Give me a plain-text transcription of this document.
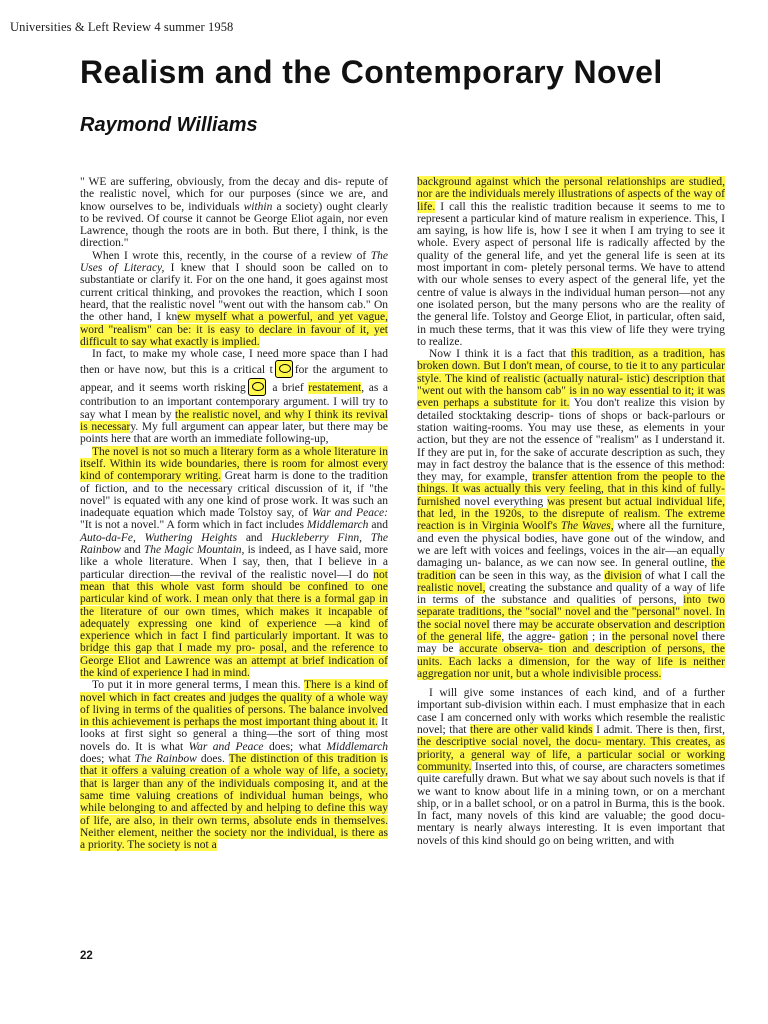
Universities & Left Review 4 summer 1958
Realism and the Contemporary Novel
Raymond Williams

" WE are suffering, obviously, from the decay and dis- repute of the realistic novel, which for our purposes (since we are, and know ourselves to be, individuals within a society) ought clearly to be revived. Of course it cannot be George Eliot again, nor even Lawrence, though the roots are in both. But there, I think, is the direction."

When I wrote this, recently, in the course of a review of The Uses of Literacy, I knew that I should soon be called on to substantiate or clarify it. For on the one hand, it goes against most current critical thinking, and provokes the reaction, which I soon heard, that the realistic novel "went out with the hansom cab." On the other hand, I knew myself what a powerful, and yet vague, word "realism" can be: it is easy to declare in favour of it, yet difficult to say what exactly is implied.

In fact, to make my whole case, I need more space than I had then or have now, but this is a critical t for the argument to appear, and it seems worth risking a brief restatement, as a contribution to an important contemporary argument. I will try to say what I mean by the realistic novel, and why I think its revival is necessary. My full argument can appear later, but there may be points here that are worth an immediate following-up,

The novel is not so much a literary form as a whole literature in itself. Within its wide boundaries, there is room for almost every kind of contemporary writing. Great harm is done to the tradition of fiction, and to the necessary critical discussion of it, if "the novel" is equated with any one kind of prose work. It was such an inadequate equation which made Tolstoy say, of War and Peace: "It is not a novel." A form which in fact includes Middlemarch and Auto-da-Fe, Wuthering Heights and Huckleberry Finn, The Rainbow and The Magic Mountain, is indeed, as I have said, more like a whole literature. When I say, then, that I believe in a particular direction—the revival of the realistic novel—I do not mean that this whole vast form should be confined to one particular kind of work. I mean only that there is a formal gap in the literature of our own times, which makes it incapable of adequately expressing one kind of experience —a kind of experience which in fact I find particularly important. It was to bridge this gap that I made my pro- posal, and the reference to George Eliot and Lawrence was an attempt at brief indication of the kind of experience I had in mind.

To put it in more general terms, I mean this. There is a kind of novel which in fact creates and judges the quality of a whole way of living in terms of the qualities of persons. The balance involved in this achievement is perhaps the most important thing about it. It looks at first sight so general a thing—the sort of thing most novels do. It is what War and Peace does; what Middlemarch does; what The Rainbow does. The distinction of this tradition is that it offers a valuing creation of a whole way of life, a society, that is larger than any of the individuals composing it, and at the same time valuing creations of individual human beings, who while belonging to and affected by and helping to define this way of life, are also, in their own terms, absolute ends in themselves. Neither element, neither the society nor the individual, is there as a priority. The society is not a

background against which the personal relationships are studied, nor are the individuals merely illustrations of aspects of the way of life. I call this the realistic tradition because it seems to me to represent a particular kind of mature realism in experience. This, I am saying, is how life is, how I see it when I am trying to see it whole. Every aspect of personal life is radically affected by the quality of the general life, and yet the general life is seen at its most important in com- pletely personal terms. We have to attend with our whole senses to every aspect of the general life, yet the centre of value is always in the individual human person—not any one isolated person, but the many persons who are the reality of the general life. Tolstoy and George Eliot, in particular, often said, in much these terms, that it was this view of life they were trying to realize.

Now I think it is a fact that this tradition, as a tradition, has broken down. But I don't mean, of course, to tie it to any particular style. The kind of realistic (actually natural- istic) description that "went out with the hansom cab" is in no way essential to it; it was even perhaps a substitute for it. You don't realize this vision by detailed stocktaking descrip- tions of shops or back-parlours or station waiting-rooms. You may use these, as elements in your action, but they are not the essence of "realism" as I understand it. If they are put in, for the sake of accurate description as such, they may in fact destroy the balance that is the essence of this method: they may, for example, transfer attention from the people to the things. It was actually this very feeling, that in this kind of fully-furnished novel everything was present but actual individual life, that led, in the 1920s, to the disrepute of realism. The extreme reaction is in Virginia Woolf's The Waves, where all the furniture, and even the physical bodies, have gone out of the window, and we are left with voices and feelings, voices in the air—an equally damaging un- balance, as we can now see. In general outline, the tradition can be seen in this way, as the division of what I call the realistic novel, creating the substance and quality of a way of life in terms of the substance and qualities of persons, into two separate traditions, the "social" novel and the "personal" novel. In the social novel there may be accurate observation and description of the general life, the aggre- gation ; in the personal novel there may be accurate observa- tion and description of persons, the units. Each lacks a dimension, for the way of life is neither aggregation nor unit, but a whole indivisible process.

I will give some instances of each kind, and of a further important sub-division within each. I must emphasize that in each case I am concerned only with works which resemble the realistic novel; that there are other valid kinds I admit. There is then, first, the descriptive social novel, the docu- mentary. This creates, as priority, a general way of life, a particular social or working community. Inserted into this, of course, are characters sometimes quite carefully drawn. But what we say about such novels is that if we want to know about life in a mining town, or on a merchant ship, or in a ballet school, or on a patrol in Burma, this is the book. In fact, many novels of this kind are valuable; the good docu- mentary is nearly always interesting. It is even important that novels of this kind should go on being written, and with

22
